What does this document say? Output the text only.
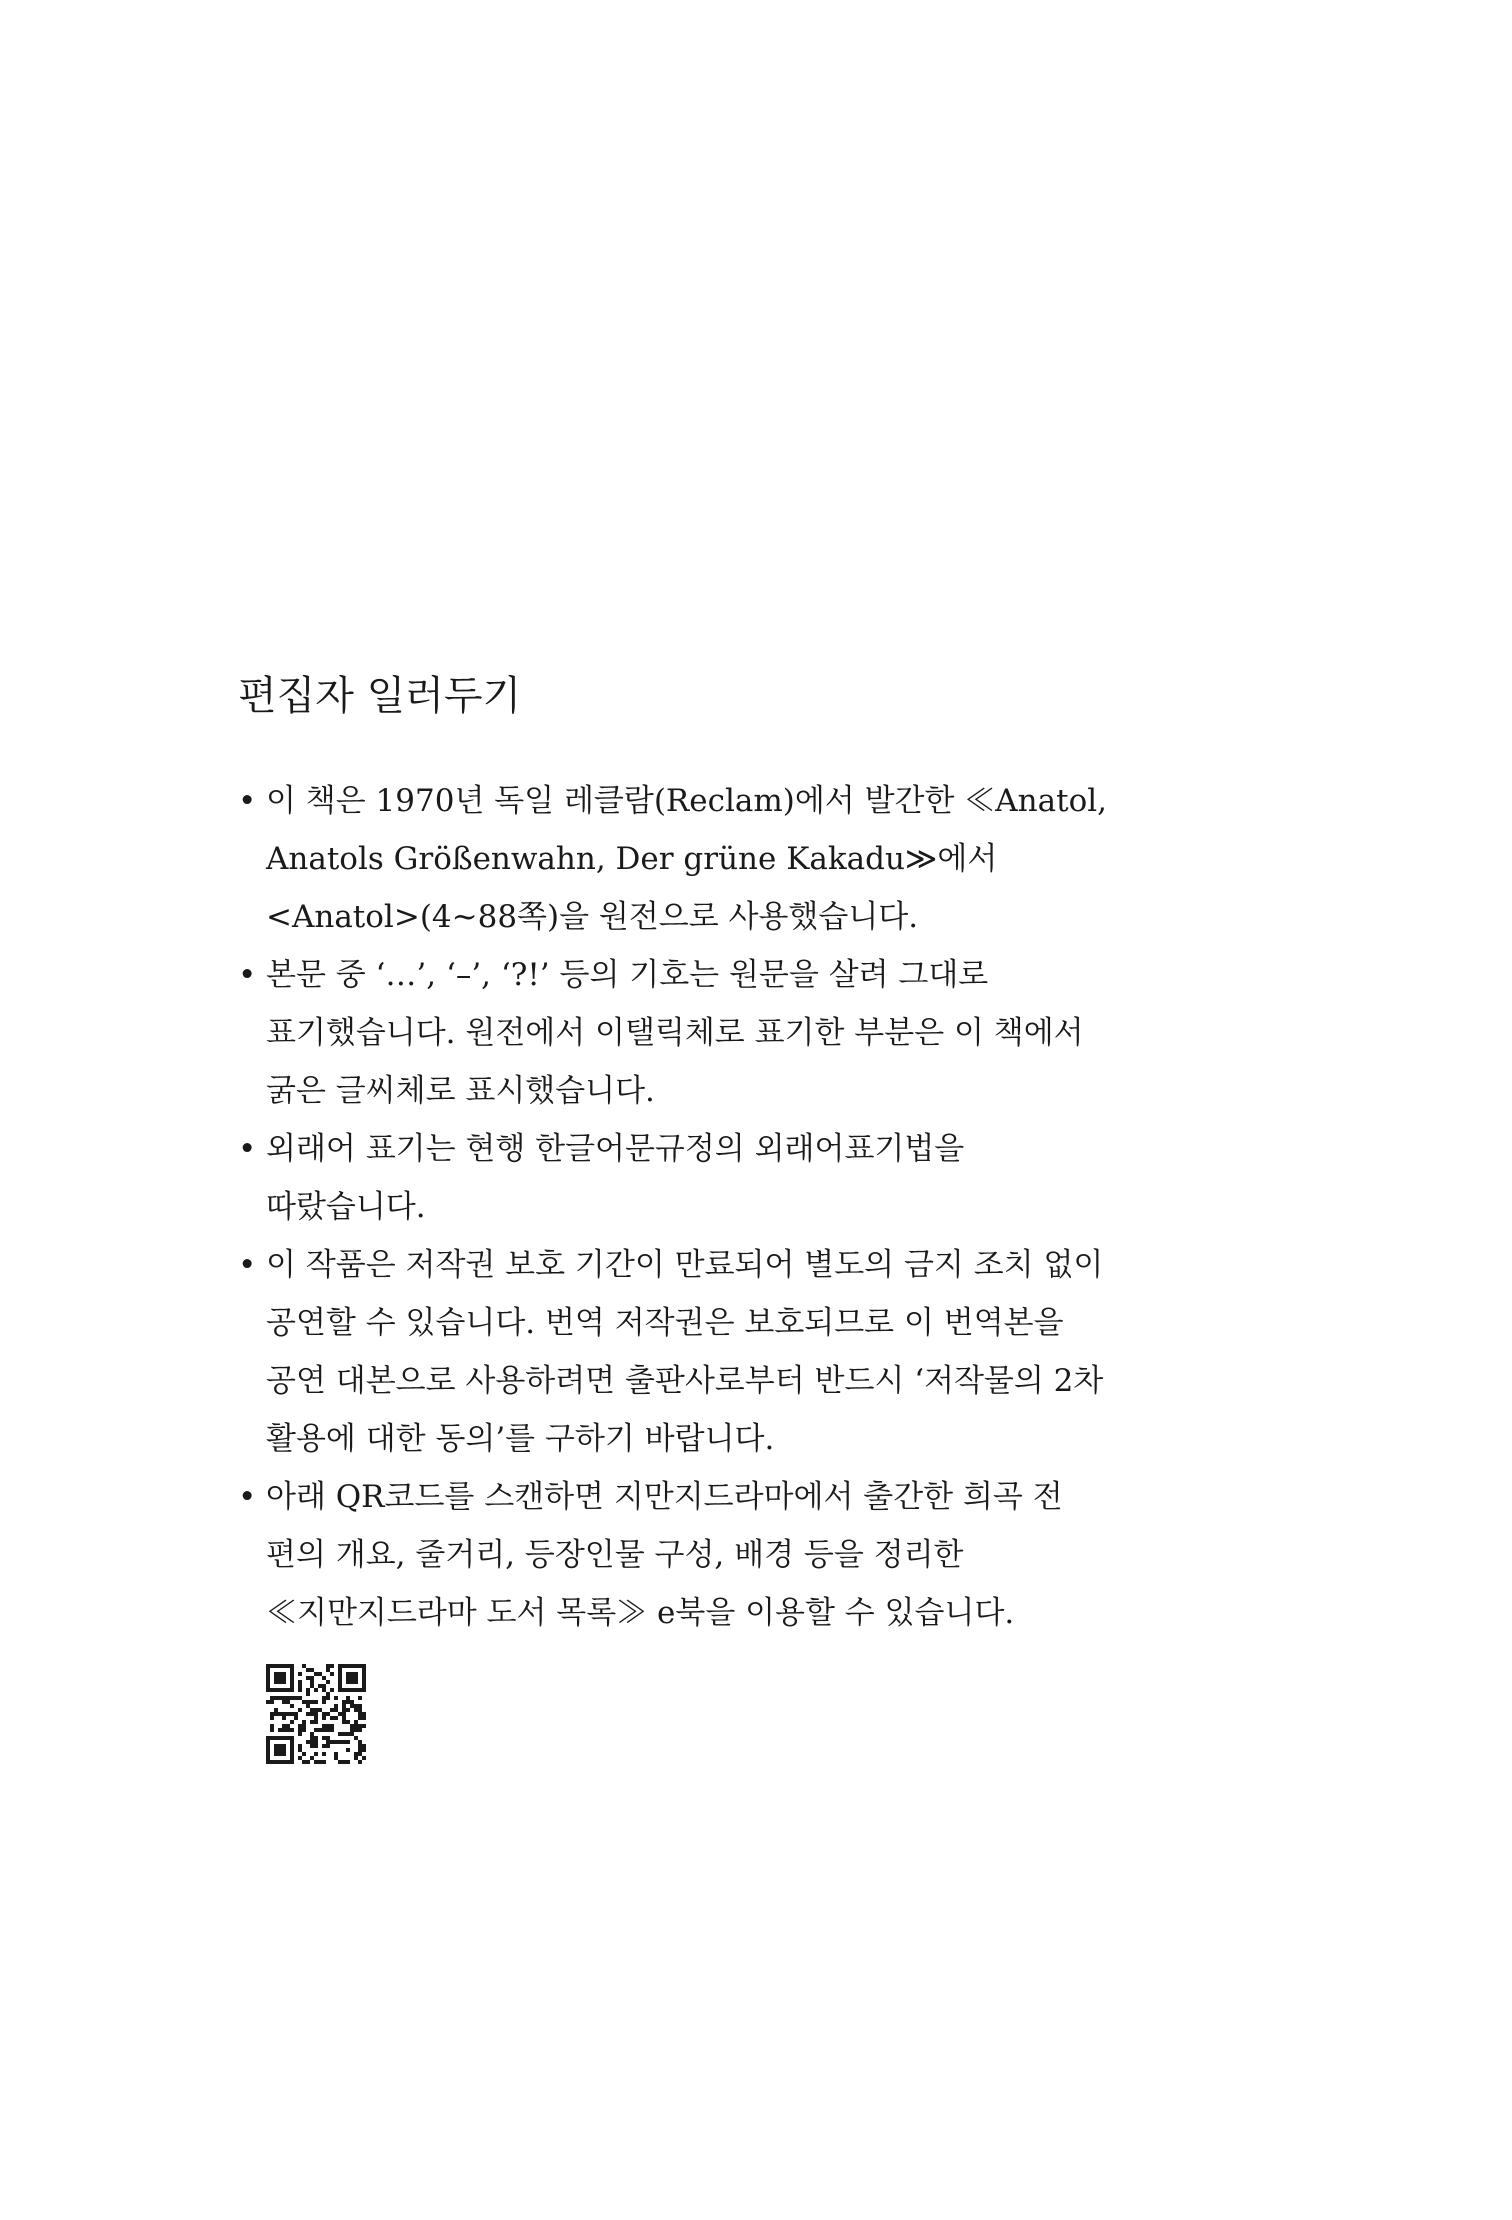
편집자 일러두기
• 이 책은 1970년 독일 레클람(Reclam)에서 발간한 ≪Anatol,
Anatols Größenwahn, Der grüne Kakadu≫에서
<Anatol>(4~88쪽)을 원전으로 사용했습니다.
• 본문 중 ‘…’, ‘–’, ‘?!’ 등의 기호는 원문을 살려 그대로
표기했습니다. 원전에서 이탤릭체로 표기한 부분은 이 책에서
굵은 글씨체로 표시했습니다.
• 외래어 표기는 현행 한글어문규정의 외래어표기법을
따랐습니다.
• 이 작품은 저작권 보호 기간이 만료되어 별도의 금지 조치 없이
공연할 수 있습니다. 번역 저작권은 보호되므로 이 번역본을
공연 대본으로 사용하려면 출판사로부터 반드시 ‘저작물의 2차
활용에 대한 동의’를 구하기 바랍니다.
• 아래 QR코드를 스캔하면 지만지드라마에서 출간한 희곡 전
편의 개요, 줄거리, 등장인물 구성, 배경 등을 정리한
≪지만지드라마 도서 목록≫ e북을 이용할 수 있습니다.
